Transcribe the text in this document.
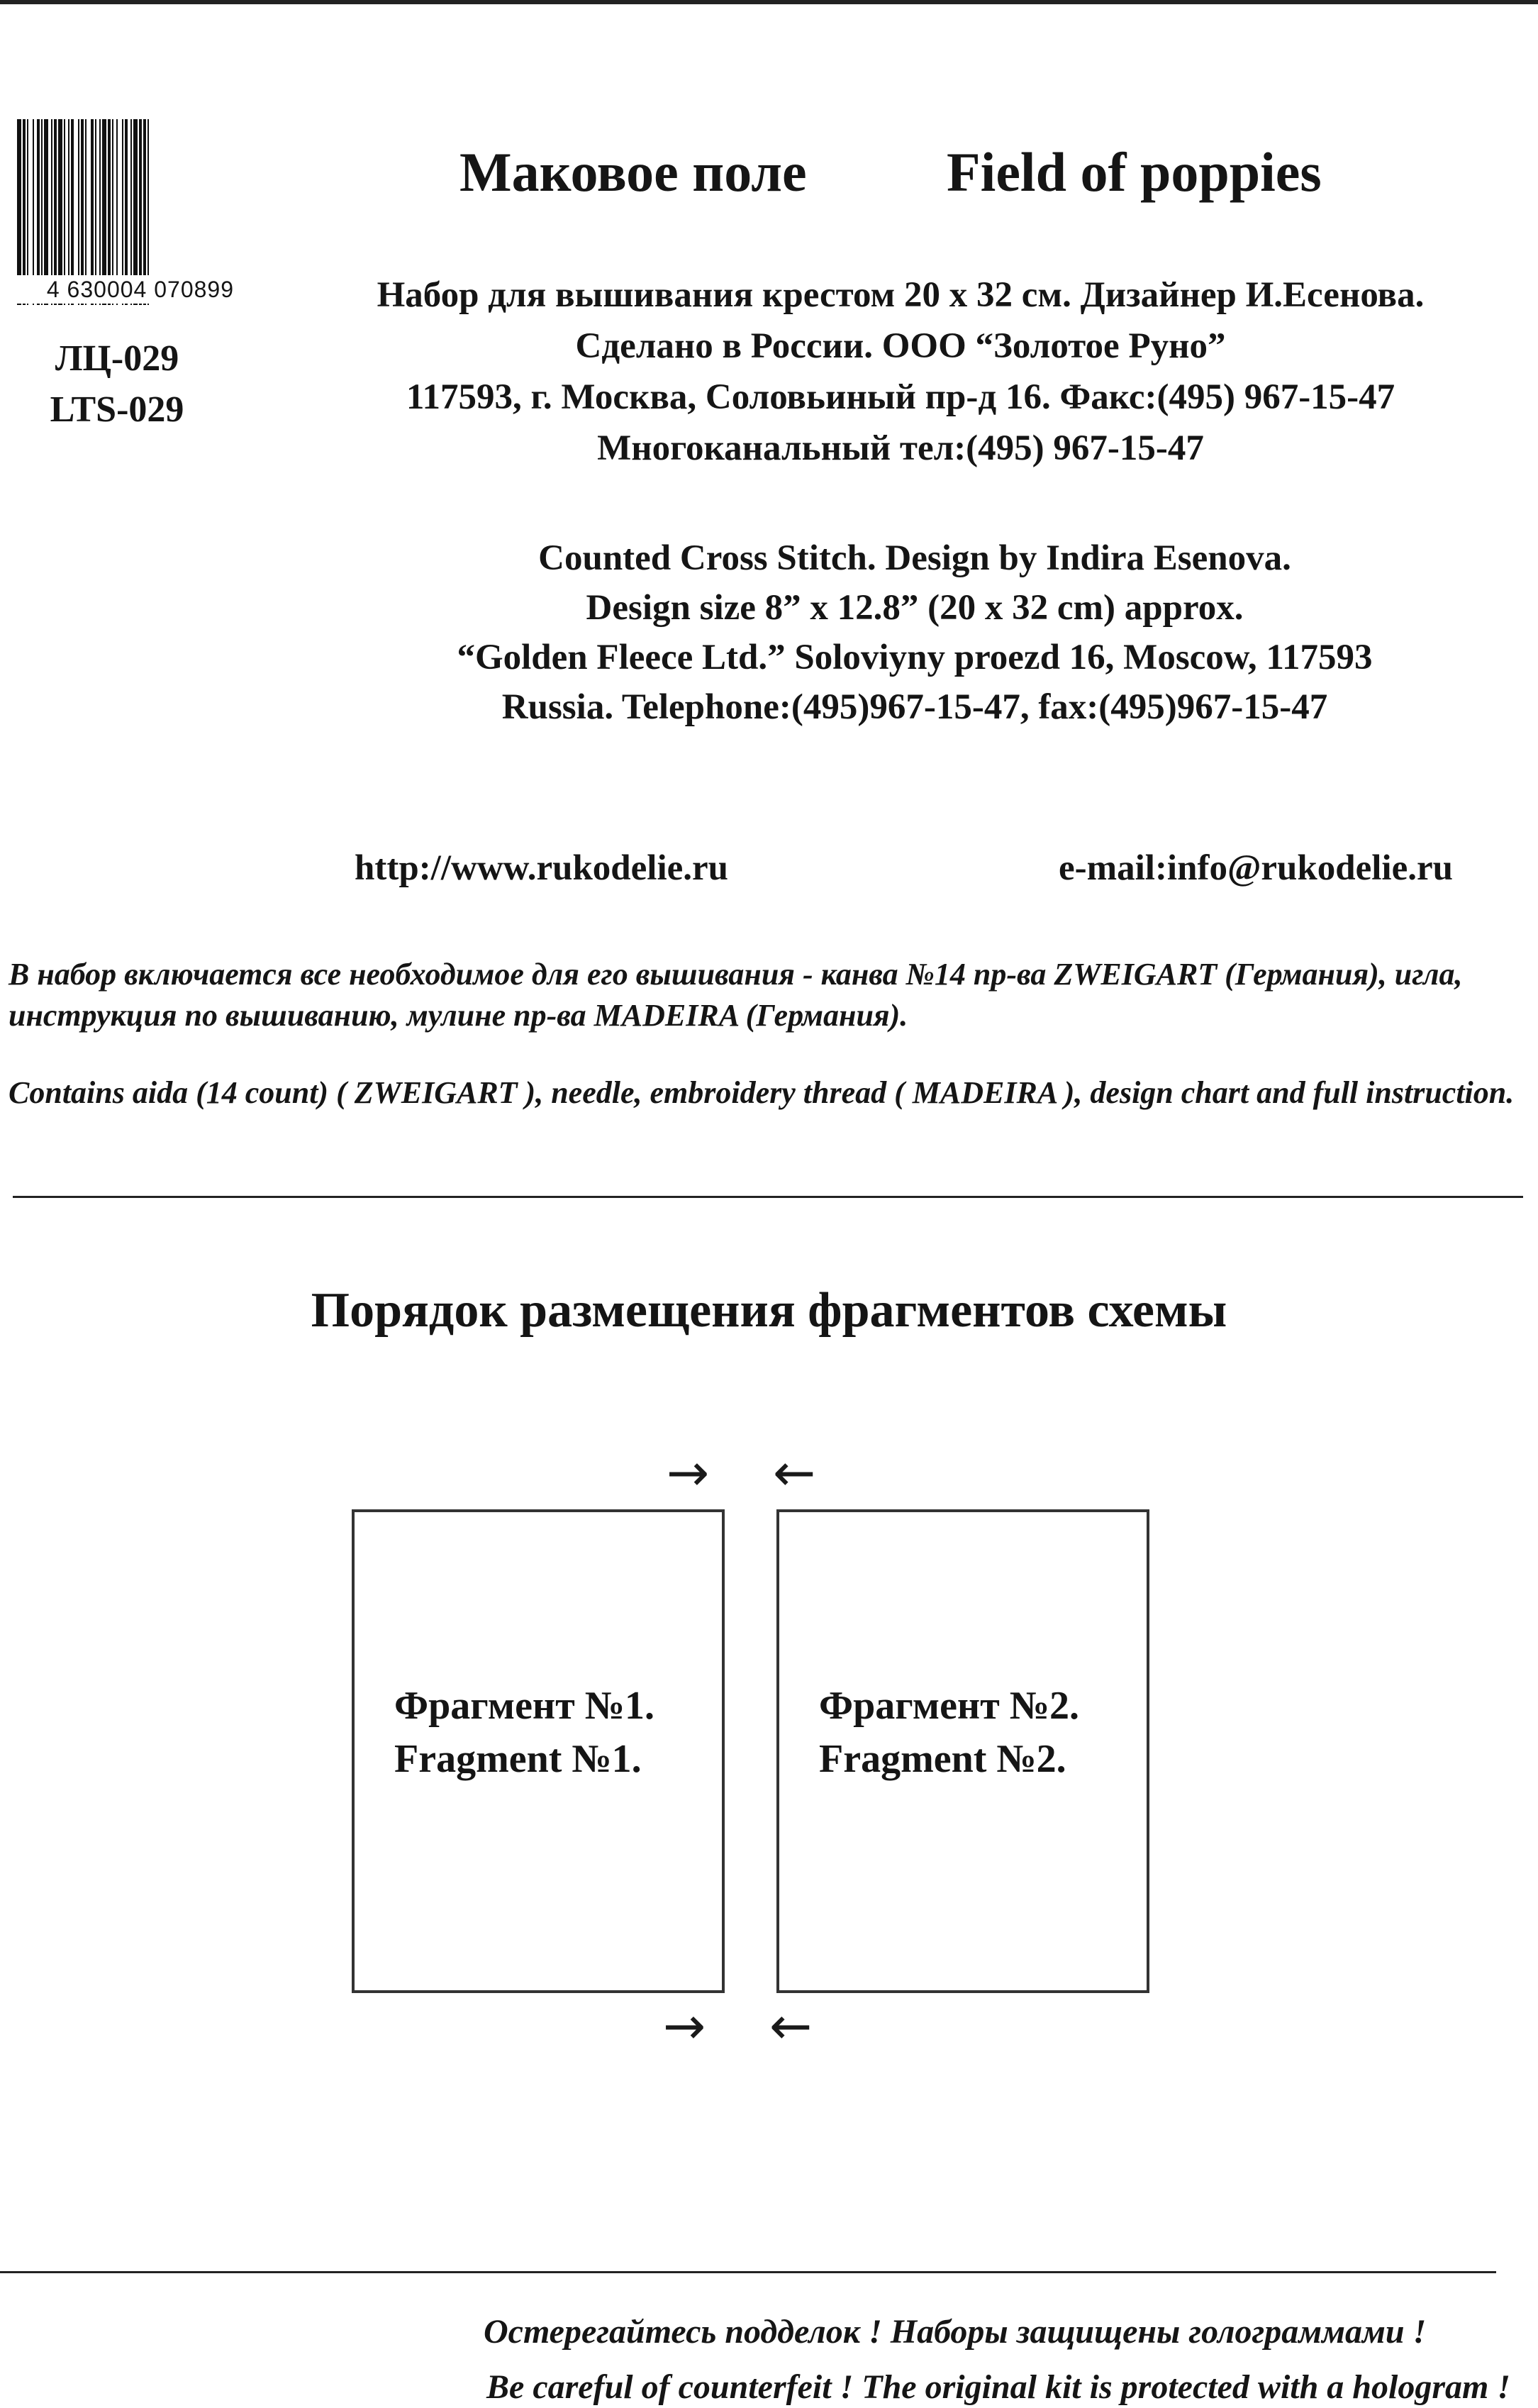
4 630004 070899
ЛЦ-029
LTS-029
Маковое поле	Field of poppies
Набор для вышивания крестом 20 х 32 см. Дизайнер И.Есенова.
Сделано в России. ООО “Золотое Руно”
117593, г. Москва, Соловьиный пр-д 16. Факс:(495) 967-15-47
Многоканальный тел:(495) 967-15-47
Counted Cross Stitch. Design by Indira Esenova.
Design size 8” x 12.8” (20 x 32 cm) approx.
“Golden Fleece Ltd.” Soloviyny proezd 16, Moscow, 117593
Russia. Telephone:(495)967-15-47, fax:(495)967-15-47
http://www.rukodelie.ru	e-mail:info@rukodelie.ru
В набор включается все необходимое для его вышивания - канва №14 пр-ва ZWEIGART (Германия), игла, инструкция по вышиванию, мулине пр-ва MADEIRA (Германия).
Contains aida (14 count) ( ZWEIGART ), needle, embroidery thread ( MADEIRA ), design chart and full instruction.
Порядок размещения фрагментов схемы
→ ←
Фрагмент №1.
Fragment №1.
Фрагмент №2.
Fragment №2.
→ ←
Остерегайтесь подделок ! Наборы защищены голограммами !
Be careful of counterfeit ! The original kit is protected with a hologram !
